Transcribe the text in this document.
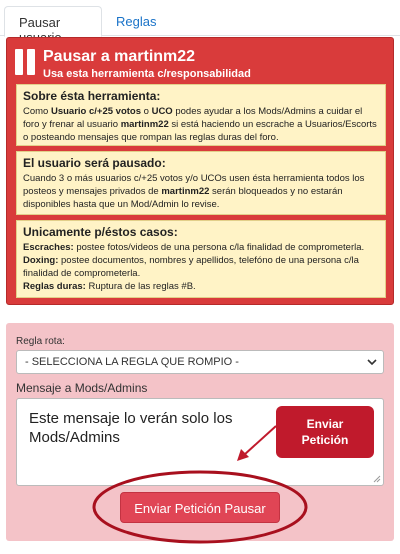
Pausar	Reglas
Pausar a martinm22
Usa esta herramienta c/responsabilidad
Sobre ésta herramienta:

Como Usuario c/+25 votos o UCO podes ayudar a los Mods/Admins a cuidar el foro y frenar al usuario martinm22 si está haciendo un escrache a Usuarios/Escorts o posteando mensajes que rompan las reglas duras del foro.

El usuario será pausado:

Cuando 3 o más usuarios c/+25 votos y/o UCOs usen ésta herramienta todos los posteos y mensajes privados de martinm22 serán bloqueados y no estarán disponibles hasta que un Mod/Admin lo revise.

Unicamente p/éstos casos:

Escraches: postee fotos/videos de una persona c/la finalidad de comprometerla.

Doxing: postee documentos, nombres y apellidos, telefóno de una persona c/la finalidad de comprometerla.

Reglas duras: Ruptura de las reglas #B.

Regla rota:
- SELECCIONA LA REGLA QUE ROMPIO -
Mensaje a Mods/Admins
Este mensaje lo verán solo los Mods/Admins
Enviar
Petición
Enviar Petición Pausar
